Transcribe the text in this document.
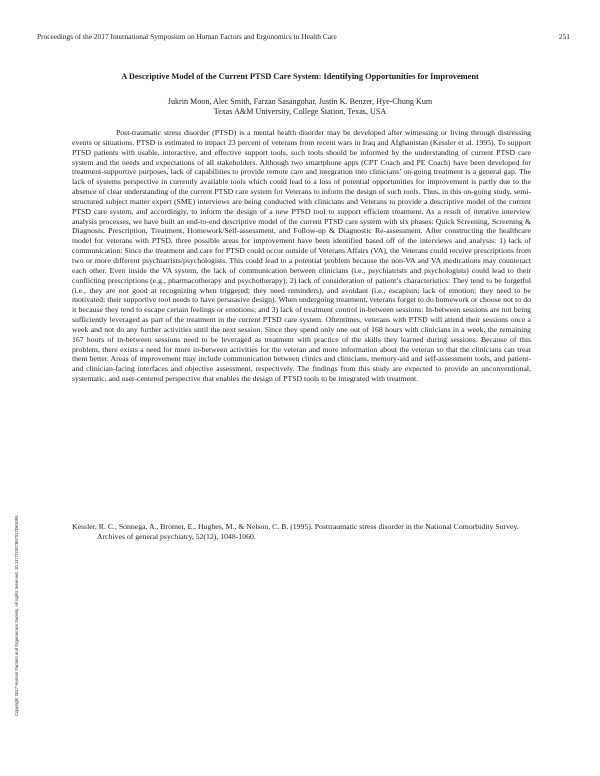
Proceedings of the 2017 International Symposium on Human Factors and Ergonomics in Health Care	251
A Descriptive Model of the Current PTSD Care System: Identifying Opportunities for Improvement
Jukrin Moon, Alec Smith, Farzan Sasangohar, Justin K. Benzer, Hye-Chung Kum
Texas A&M University, College Station, Texas, USA

Post-traumatic stress disorder (PTSD) is a mental health disorder may be developed after witnessing or living through distressing events or situations. PTSD is estimated to impact 23 percent of veterans from recent wars in Iraq and Afghanistan (Kessler et al. 1995). To support PTSD patients with usable, interactive, and effective support tools, such tools should be informed by the understanding of current PTSD care system and the needs and expectations of all stakeholders. Although two smartphone apps (CPT Coach and PE Coach) have been developed for treatment-supportive purposes, lack of capabilities to provide remote care and integration into clinicians’ on-going treatment is a general gap. The lack of systems perspective in currently available tools which could lead to a loss of potential opportunities for improvement is partly due to the absence of clear understanding of the current PTSD care system for Veterans to inform the design of such tools. Thus, in this on-going study, semi-structured subject matter expert (SME) interviews are being conducted with clinicians and Veterans to provide a descriptive model of the current PTSD care system, and accordingly, to inform the design of a new PTSD tool to support efficient treatment. As a result of iterative interview analysis processes, we have built an end-to-end descriptive model of the current PTSD care system with six phases: Quick Screening, Screening & Diagnosis, Prescription, Treatment, Homework/Self-assessment, and Follow-up & Diagnostic Re-assessment. After constructing the healthcare model for veterans with PTSD, three possible areas for improvement have been identified based off of the interviews and analysis: 1) lack of communication: Since the treatment and care for PTSD could occur outside of Veterans Affairs (VA), the Veterans could receive prescriptions from two or more different psychiatrists/psychologists. This could lead to a potential problem because the non-VA and VA medications may counteract each other. Even inside the VA system, the lack of communication between clinicians (i.e., psychiatrists and psychologists) could lead to their conflicting prescriptions (e.g., pharmacotherapy and psychotherapy); 2) lack of consideration of patient’s characteristics: They tend to be forgetful (i.e., they are not good at recognizing when triggered; they need reminders), and avoidant (i.e., escapism; lack of emotion; they need to be motivated; their supportive tool needs to have persuasive design). When undergoing treatment, veterans forget to do homework or choose not to do it because they tend to escape certain feelings or emotions; and 3) lack of treatment control in-between sessions: In-between sessions are not being sufficiently leveraged as part of the treatment in the current PTSD care system. Oftentimes, veterans with PTSD will attend their sessions once a week and not do any further activities until the next session. Since they spend only one out of 168 hours with clinicians in a week, the remaining 167 hours of in-between sessions need to be leveraged as treatment with practice of the skills they learned during sessions. Because of this problem, there exists a need for more in-between activities for the veteran and more information about the veteran so that the clinicians can treat them better. Areas of improvement may include communication between clinics and clinicians, memory-aid and self-assessment tools, and patient- and clinician-facing interfaces and objective assessment, respectively. The findings from this study are expected to provide an unconventional, systematic, and user-centered perspective that enables the design of PTSD tools to be integrated with treatment.

Kessler, R. C., Sonnega, A., Bromet, E., Hughes, M., & Nelson, C. B. (1995). Posttraumatic stress disorder in the National Comorbidity Survey. Archives of general psychiatry, 52(12), 1048-1060.

Copyright 2017 Human Factors and Ergonomics Society. All rights reserved. 10.1177/2327857917061055
